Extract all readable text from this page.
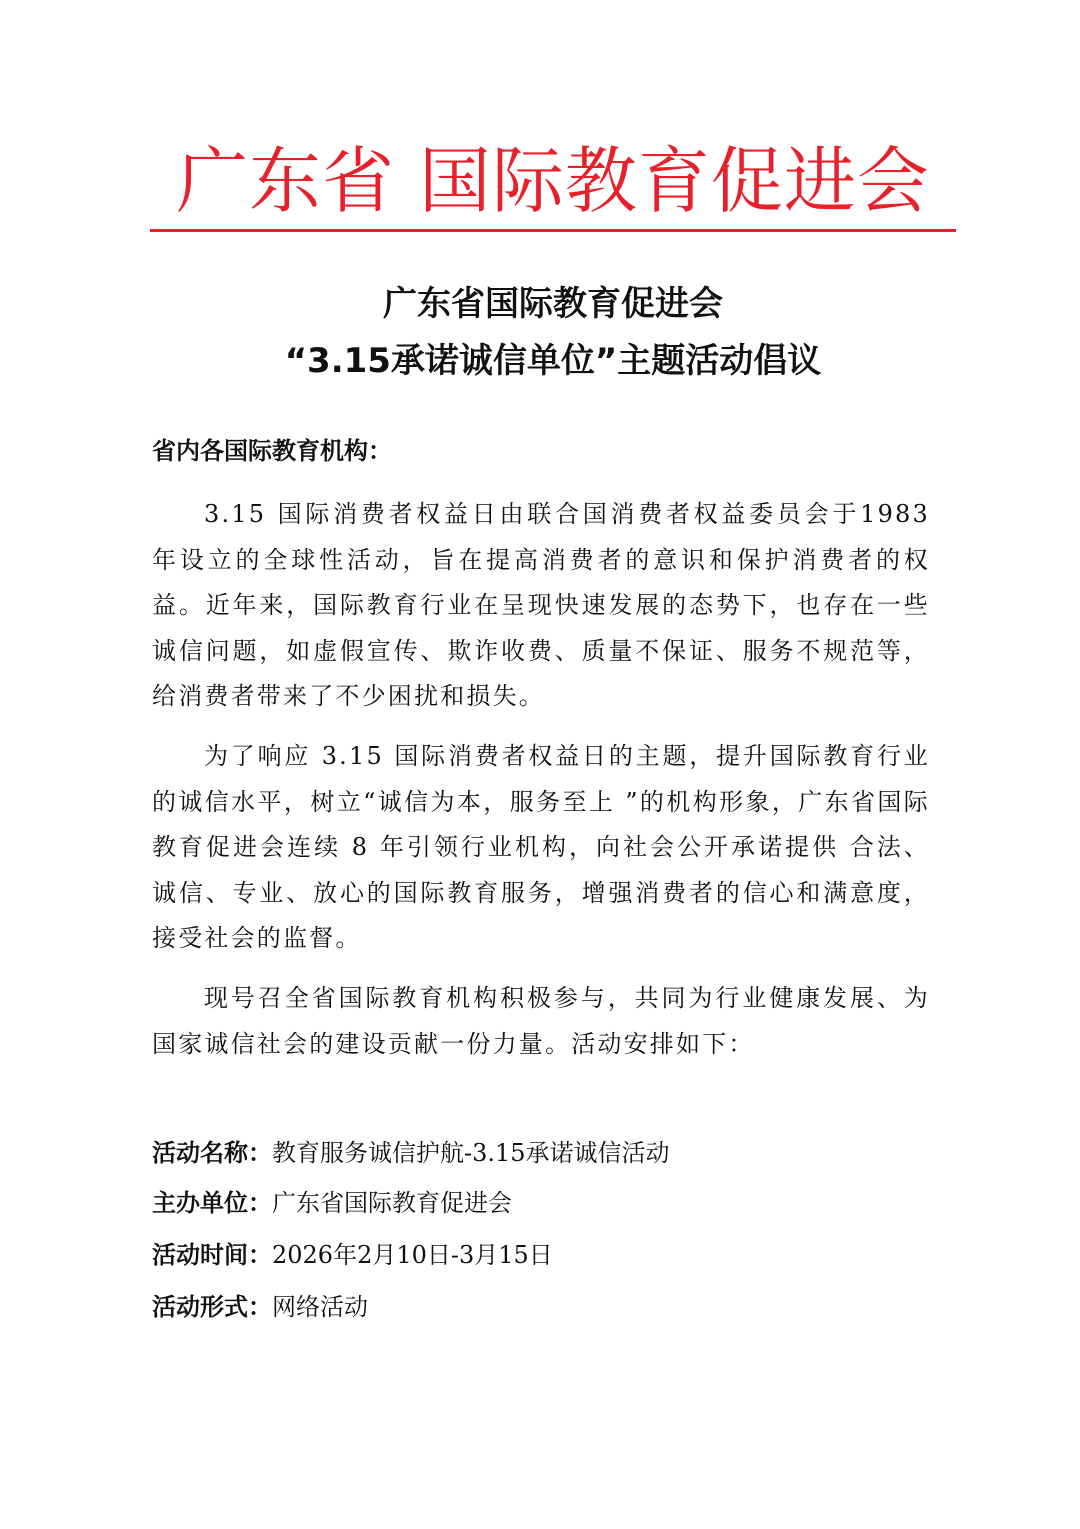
广东省 国际教育促进会
广东省国际教育促进会
“3.15承诺诚信单位”主题活动倡议
省内各国际教育机构：

3.15 国际消费者权益日由联合国消费者权益委员会于1983 年设立的全球性活动，旨在提高消费者的意识和保护消费者的权益。近年来，国际教育行业在呈现快速发展的态势下，也存在一些诚信问题，如虚假宣传、欺诈收费、质量不保证、服务不规范等，给消费者带来了不少困扰和损失。

为了响应 3.15 国际消费者权益日的主题，提升国际教育行业的诚信水平，树立“诚信为本，服务至上 ”的机构形象，广东省国际教育促进会连续 8 年引领行业机构，向社会公开承诺提供 合法、诚信、专业、放心的国际教育服务，增强消费者的信心和满意度，接受社会的监督。

现号召全省国际教育机构积极参与，共同为行业健康发展、为国家诚信社会的建设贡献一份力量。活动安排如下：

活动名称：教育服务诚信护航-3.15承诺诚信活动
主办单位：广东省国际教育促进会
活动时间：2026年2月10日-3月15日
活动形式：网络活动
